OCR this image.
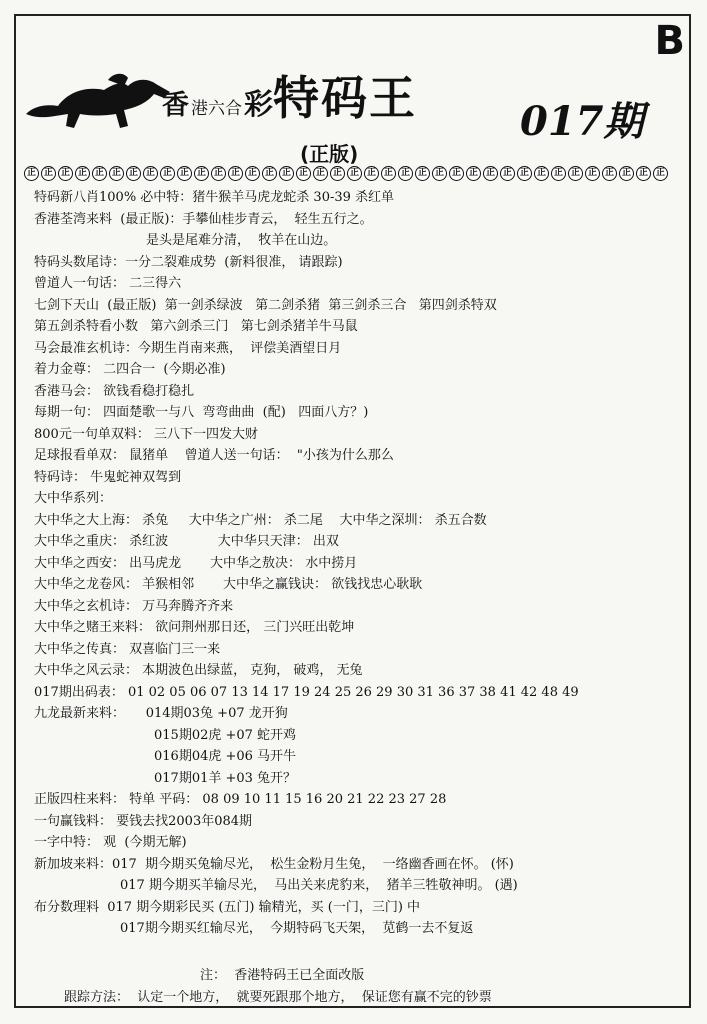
B
香港六合彩特码王	017期
(正版)
正 正 正 正 正 正 正 正 正 正 正 正 正 正 正 正 正 正 正 正 正 正 正 正 正 正 正 正 正 正 正 正 正 正 正 正 正 正
特码新八肖100% 必中特：猪牛猴羊马虎龙蛇杀 30-39 杀红单
香港荃湾来料  (最正版)：手攀仙桂步青云，  轻生五行之。
是头是尾难分清，  牧羊在山边。
特码头数尾诗：一分二裂难成势  (新料很准， 请跟踪)
曾道人一句话： 二三得六
七剑下天山  (最正版)  第一剑杀绿波   第二剑杀猪  第三剑杀三合   第四剑杀特双
第五剑杀特看小数   第六剑杀三门   第七剑杀猪羊牛马鼠
马会最准玄机诗：今期生肖南来燕，  评偿美酒望日月
着力金尊： 二四合一  (今期必准)
香港马会： 欲钱看稳打稳扎
每期一句： 四面楚歌一与八  弯弯曲曲  (配)   四面八方？)
800元一句单双料： 三八下一四发大财
足球报看单双： 鼠猪单    曾道人送一句话：  "小孩为什么那么
特码诗： 牛鬼蛇神双驾到
大中华系列：
大中华之大上海： 杀兔     大中华之广州： 杀二尾    大中华之深圳： 杀五合数
大中华之重庆： 杀红波            大中华只天津： 出双
大中华之西安： 出马虎龙       大中华之敖决： 水中捞月
大中华之龙卷风： 羊猴相邻       大中华之赢钱诀： 欲钱找忠心耿耿
大中华之玄机诗： 万马奔腾齐齐来
大中华之赌王来料： 欲问荆州那日还， 三门兴旺出乾坤
大中华之传真： 双喜临门三一来
大中华之风云录： 本期波色出绿蓝， 克狗， 破鸡， 无兔
017期出码表： 01 02 05 06 07 13 14 17 19 24 25 26 29 30 31 36 37 38 41 42 48 49
九龙最新来料： 014期03兔 +07 龙开狗
015期02虎 +07 蛇开鸡
016期04虎 +06 马开牛
017期01羊 +03 兔开？
正版四柱来料： 特单 平码： 08 09 10 11 15 16 20 21 22 23 27 28
一句赢钱料： 要钱去找2003年084期
一字中特： 观  (今期无解)
新加坡来料：017  期今期买兔输尽光，  松生金粉月生兔，  一络幽香画在怀。 (怀)
017 期今期买羊输尽光，  马出关来虎豹来，  猪羊三牲敬神明。 (遇)
布分数理料  017 期今期彩民买 (五门) 输精光，买 (一门，三门) 中
017期今期买红输尽光，  今期特码飞天架，  苋鹤一去不复返
注：  香港特码王已全面改版
跟踪方法：  认定一个地方，  就要死跟那个地方，  保证您有赢不完的钞票
